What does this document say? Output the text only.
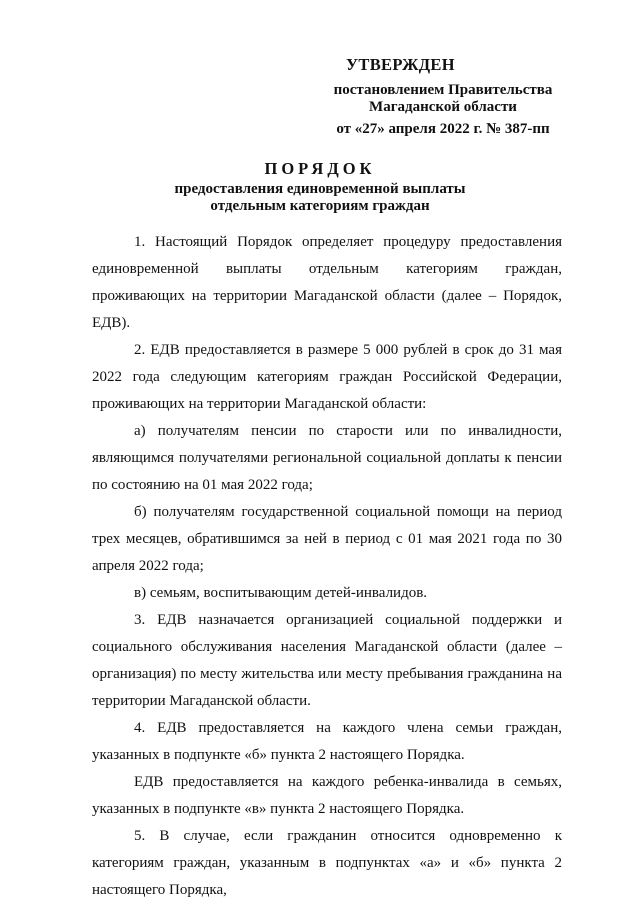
УТВЕРЖДЕН
постановлением Правительства
Магаданской области
от «27» апреля 2022 г. № 387-пп
ПОРЯДОК
предоставления единовременной выплаты
отдельным категориям граждан

1. Настоящий Порядок определяет процедуру предоставления единовременной выплаты отдельным категориям граждан, проживающих на территории Магаданской области (далее – Порядок, ЕДВ).

2. ЕДВ предоставляется в размере 5 000 рублей в срок до 31 мая 2022 года следующим категориям граждан Российской Федерации, проживающих на территории Магаданской области:

а) получателям пенсии по старости или по инвалидности, являющимся получателями региональной социальной доплаты к пенсии по состоянию на 01 мая 2022 года;

б) получателям государственной социальной помощи на период трех месяцев, обратившимся за ней в период с 01 мая 2021 года по 30 апреля 2022 года;

в) семьям, воспитывающим детей-инвалидов.

3. ЕДВ назначается организацией социальной поддержки и социального обслуживания населения Магаданской области (далее – организация) по месту жительства или месту пребывания гражданина на территории Магаданской области.

4. ЕДВ предоставляется на каждого члена семьи граждан, указанных в подпункте «б» пункта 2 настоящего Порядка.

ЕДВ предоставляется на каждого ребенка-инвалида в семьях, указанных в подпункте «в» пункта 2 настоящего Порядка.

5. В случае, если гражданин относится одновременно к категориям граждан, указанным в подпунктах «а» и «б» пункта 2 настоящего Порядка,
